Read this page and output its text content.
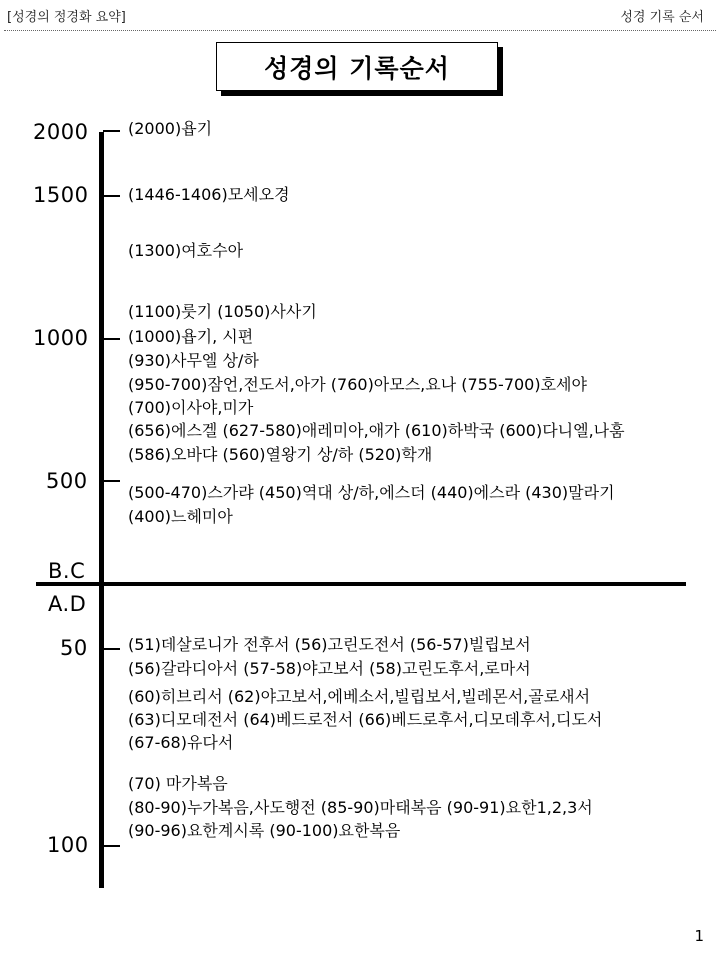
[성경의 정경화 요약]	성경 기록 순서
성경의 기록순서
2000
1500
1000
500
B.C
A.D
50
100
(2000)욥기
(1446-1406)모세오경
(1300)여호수아
(1100)룻기 (1050)사사기
(1000)욥기, 시편
(930)사무엘 상/하
(950-700)잠언,전도서,아가 (760)아모스,요나 (755-700)호세야
(700)이사야,미가
(656)에스겔 (627-580)애레미아,애가 (610)하박국 (600)다니엘,나훔
(586)오바댜 (560)열왕기 상/하 (520)학개
(500-470)스가랴 (450)역대 상/하,에스더 (440)에스라 (430)말라기
(400)느헤미아
(51)데살로니가 전후서 (56)고린도전서 (56-57)빌립보서
(56)갈라디아서 (57-58)야고보서 (58)고린도후서,로마서
(60)히브리서 (62)야고보서,에베소서,빌립보서,빌레몬서,골로새서
(63)디모데전서 (64)베드로전서 (66)베드로후서,디모데후서,디도서
(67-68)유다서
(70) 마가복음
(80-90)누가복음,사도행전 (85-90)마태복음 (90-91)요한1,2,3서
(90-96)요한계시록 (90-100)요한복음
1
